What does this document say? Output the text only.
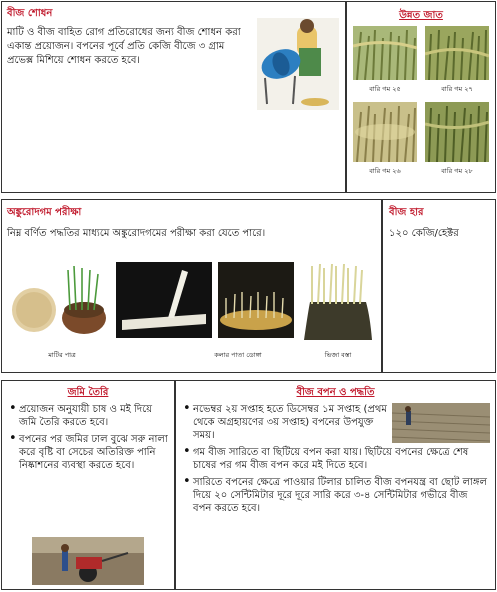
বীজ শোধন
মাটি ও বীজ বাহিত রোগ প্রতিরোধের জন্য বীজ শোধন করা একান্ত প্রয়োজন। বপনের পূর্বে প্রতি কেজি বীজে ৩ গ্রাম প্রভেক্স মিশিয়ে শোধন করতে হবে।
উন্নত জাত
বারি গম ২৫	বারি গম ২৭
বারি গম ২৬	বারি গম ২৮
অঙ্কুরোদগম পরীক্ষা
নিম্ন বর্ণিত পদ্ধতির মাধ্যমে অঙ্কুরোদগমের পরীক্ষা করা যেতে পারে।
মাটির পাত্র	কলার পাতা ডোঙ্গা	ভিজা বস্তা
বীজ হার
১২০ কেজি/হেক্টর
জমি তৈরি
• প্রয়োজন অনুযায়ী চাষ ও মই দিয়ে জমি তৈরি করতে হবে।
• বপনের পর জমির ঢাল বুঝে সরু নালা করে বৃষ্টি বা সেচের অতিরিক্ত পানি নিষ্কাশনের ব্যবস্থা করতে হবে।
বীজ বপন ও পদ্ধতি
• নভেম্বর ২য় সপ্তাহ হতে ডিসেম্বর ১ম সপ্তাহ (প্রথম থেকে অগ্রহায়ণের ৩য় সপ্তাহ) বপনের উপযুক্ত সময়।
• গম বীজ সারিতে বা ছিটিয়ে বপন করা যায়। ছিটিয়ে বপনের ক্ষেত্রে শেষ চাষের পর গম বীজ বপন করে মই দিতে হবে।
• সারিতে বপনের ক্ষেত্রে পাওয়ার টিলার চালিত বীজ বপনযন্ত্র বা ছোট লাঙ্গল দিয়ে ২০ সেন্টিমিটার দূরে দূরে সারি করে ৩-৪ সেন্টিমিটার গভীরে বীজ বপন করতে হবে।
